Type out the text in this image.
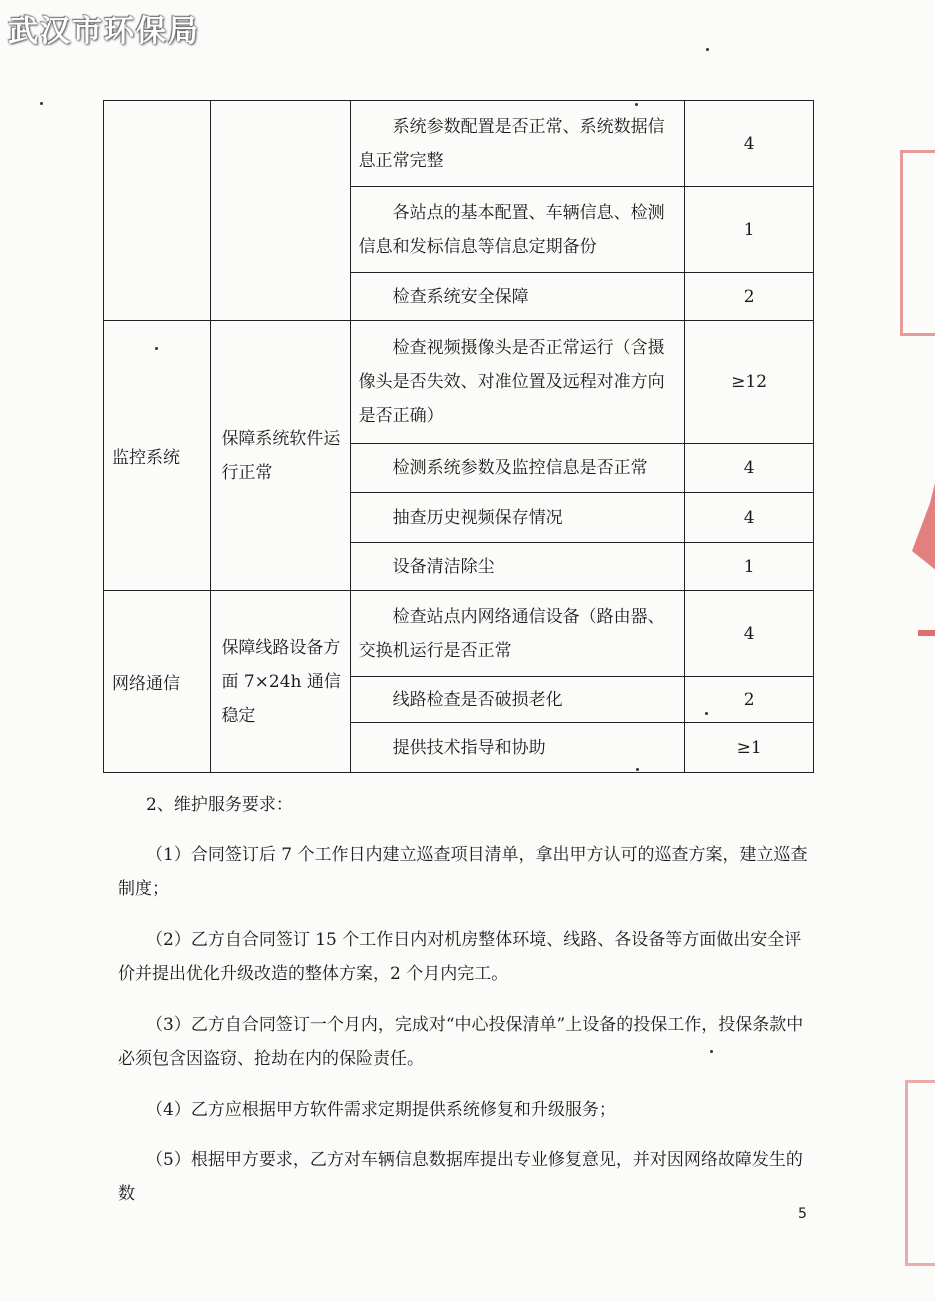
武汉市环保局

		系统参数配置是否正常、系统数据信息正常完整	4

		各站点的基本配置、车辆信息、检测信息和发标信息等信息定期备份	1

		检查系统安全保障	2
监控系统	保障系统软件运行正常	检查视频摄像头是否正常运行（含摄像头是否失效、对准位置及远程对准方向是否正确）	≥12

		检测系统参数及监控信息是否正常	4

		抽查历史视频保存情况	4

		设备清洁除尘	1
网络通信	保障线路设备方 面 7×24h 通信稳定	检查站点内网络通信设备（路由器、交换机运行是否正常	4

		线路检查是否破损老化	2

		提供技术指导和协助	≥1
2、维护服务要求：
（1）合同签订后 7 个工作日内建立巡查项目清单，拿出甲方认可的巡查方案，建立巡查制度；
（2）乙方自合同签订 15 个工作日内对机房整体环境、线路、各设备等方面做出安全评价并提出优化升级改造的整体方案，2 个月内完工。
（3）乙方自合同签订一个月内，完成对“中心投保清单”上设备的投保工作，投保条款中必须包含因盗窃、抢劫在内的保险责任。
（4）乙方应根据甲方软件需求定期提供系统修复和升级服务；
（5）根据甲方要求，乙方对车辆信息数据库提出专业修复意见，并对因网络故障发生的数
5
